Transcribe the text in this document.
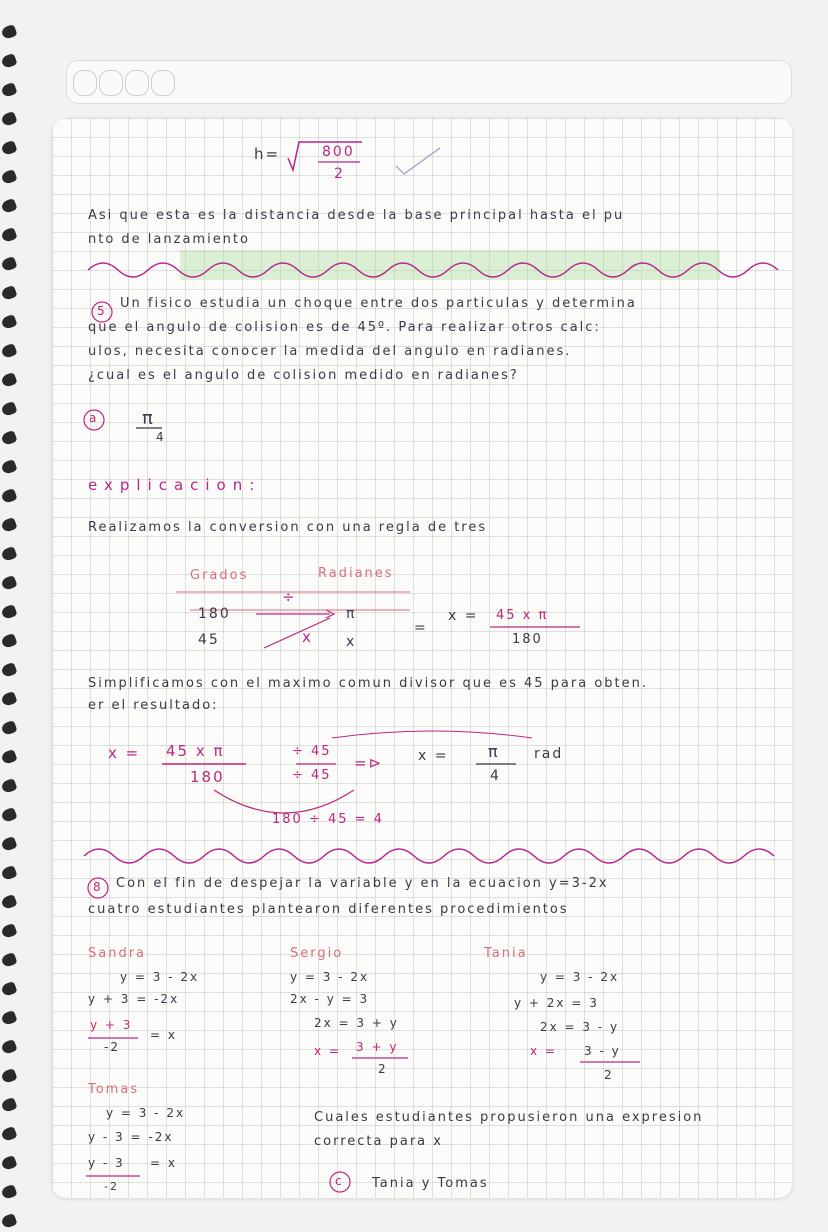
h=	800
2
Asi que esta es la distancia desde la base principal hasta el pu
nto de lanzamiento
5 Un fisico estudia un choque entre dos particulas y determina
que el angulo de colision es de 45º. Para realizar otros calc:
ulos, necesita conocer la medida del angulo en radianes.
¿cual es el angulo de colision medido en radianes?
a	π
4
explicacion:
Realizamos la conversion con una regla de tres
Grados	Radianes
÷
180	π
45	x
x	=
x = 45 x π
180
Simplificamos con el maximo comun divisor que es 45 para obten.
er el resultado:
x = 45 x π
180
÷ 45
÷ 45
=⊳ x = π
4
rad
180 ÷ 45 = 4
8 Con el fin de despejar la variable y en la ecuacion y=3-2x
cuatro estudiantes plantearon diferentes procedimientos
Sandra
y = 3 - 2x
y + 3 = -2x
y + 3
-2
= x
Sergio
y = 3 - 2x
2x - y = 3
2x = 3 + y
x = 3 + y
2
Tania
y = 3 - 2x
y + 2x = 3
2x = 3 - y
x = 3 - y
2
Tomas
y = 3 - 2x
y - 3 = -2x
y - 3
-2
= x
Cuales estudiantes propusieron una expresion
correcta para x
c Tania y Tomas
